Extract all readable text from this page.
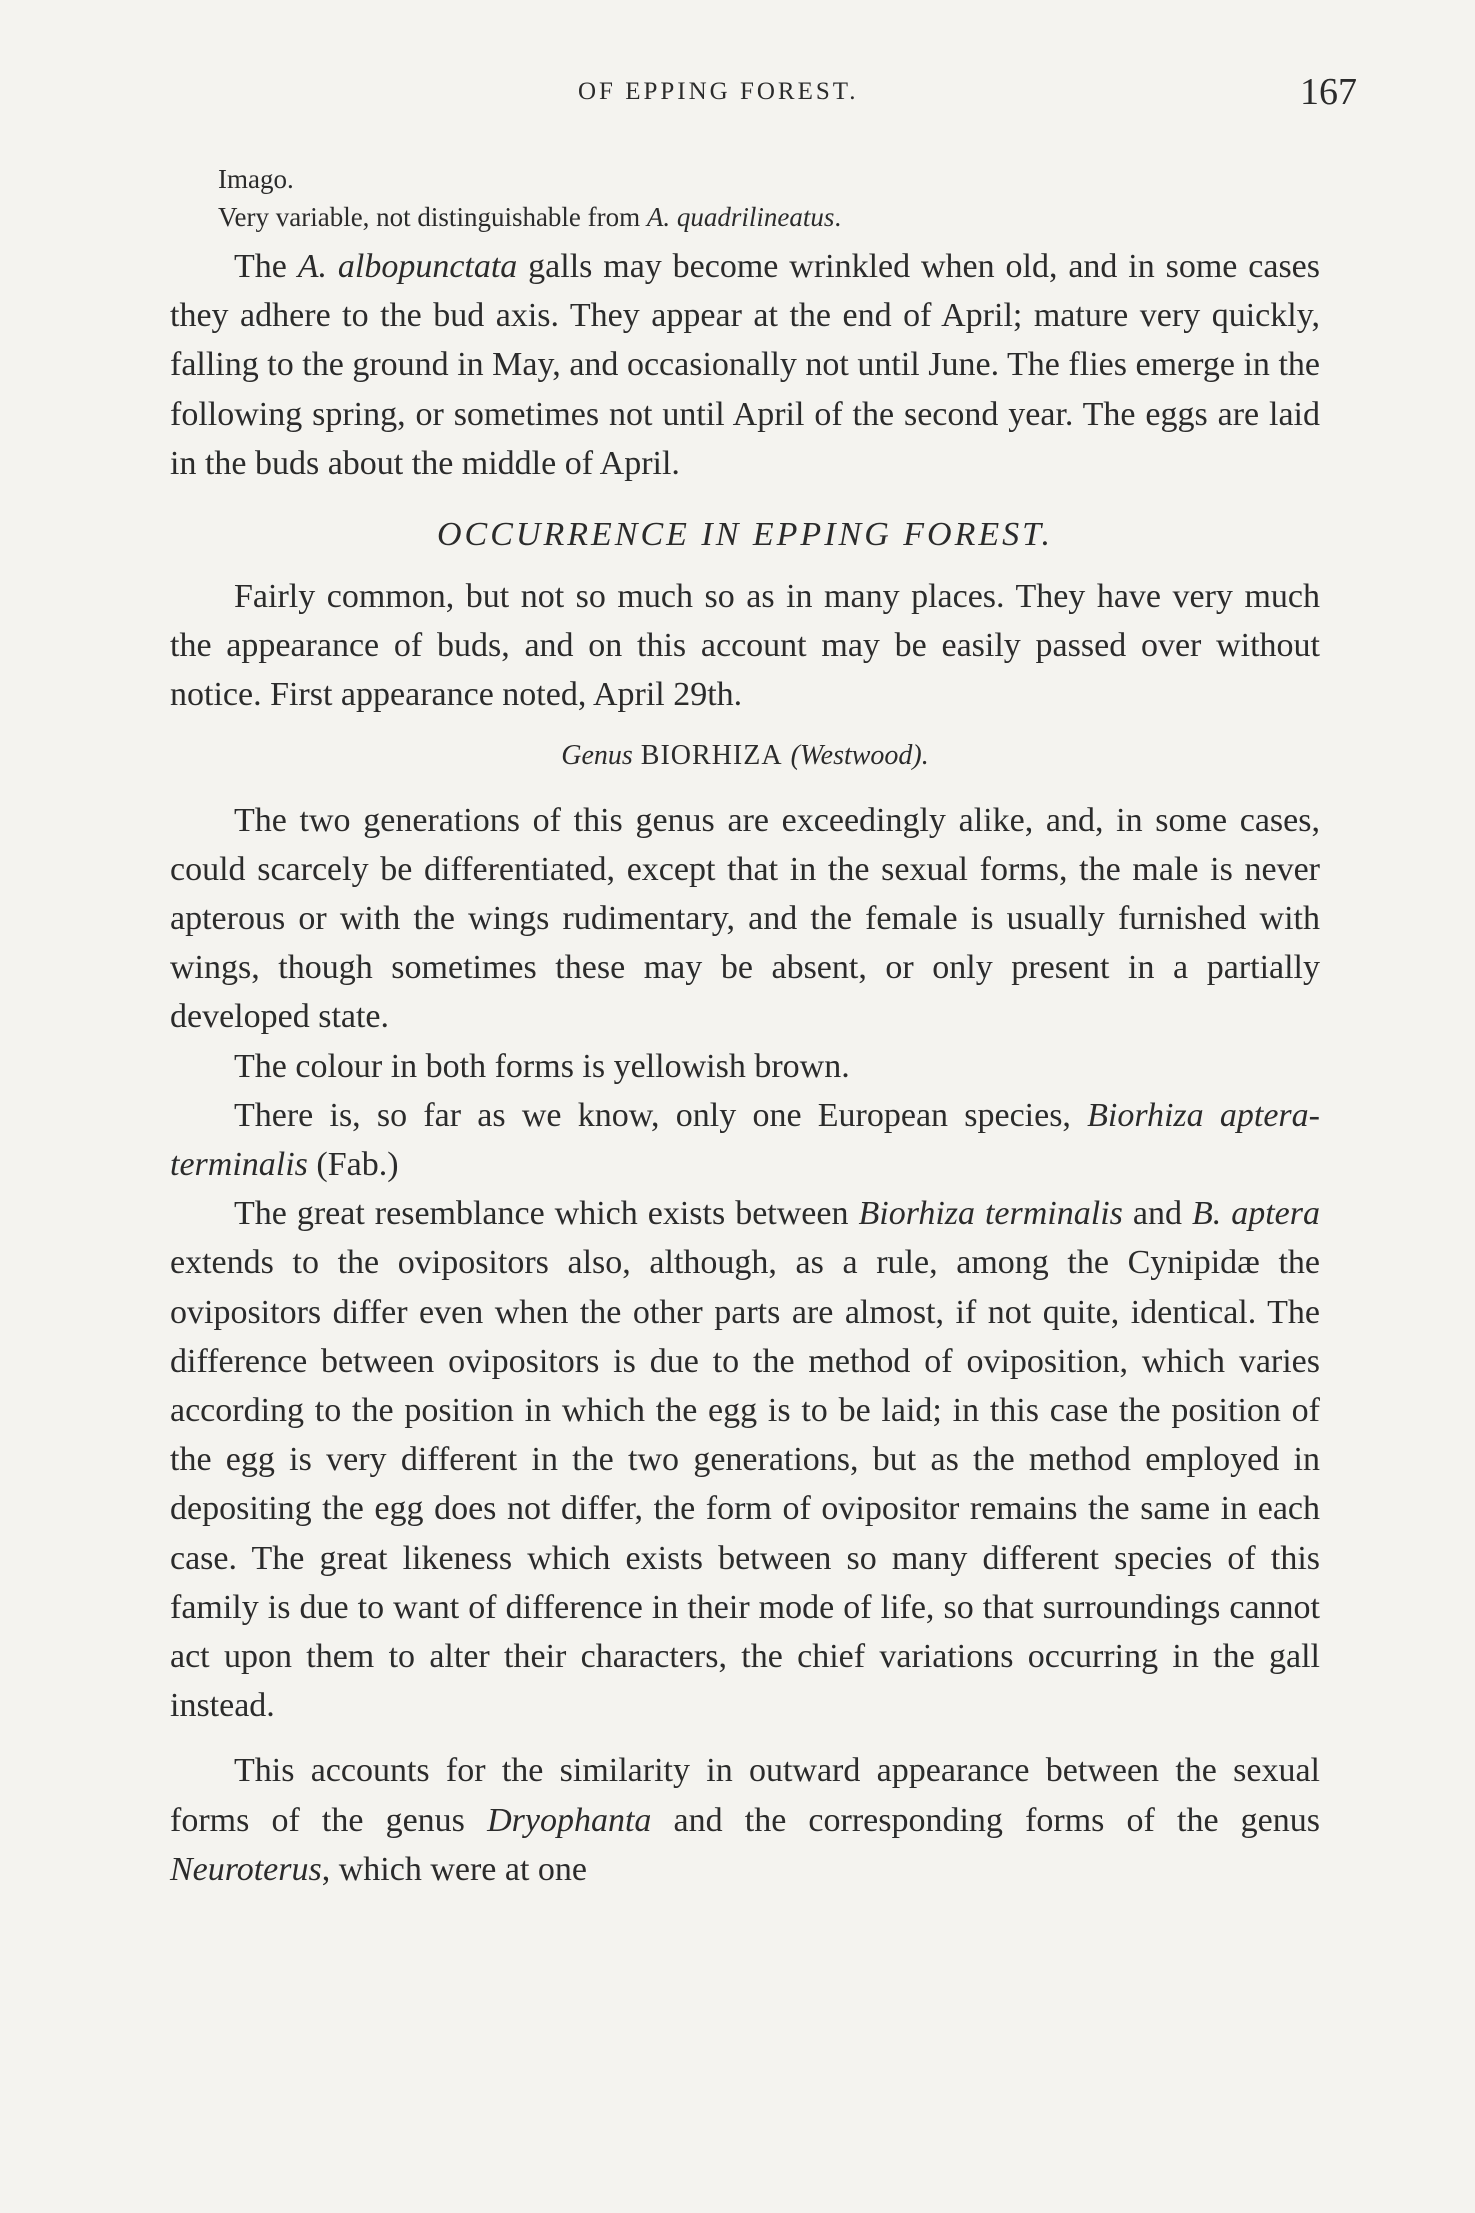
OF EPPING FOREST.	167

Imago.

Very variable, not distinguishable from A. quadrilineatus.

The A. albopunctata galls may become wrinkled when old, and in some cases they adhere to the bud axis. They appear at the end of April; mature very quickly, falling to the ground in May, and occasionally not until June. The flies emerge in the following spring, or sometimes not until April of the second year. The eggs are laid in the buds about the middle of April.

OCCURRENCE IN EPPING FOREST.

Fairly common, but not so much so as in many places. They have very much the appearance of buds, and on this account may be easily passed over without notice. First appearance noted, April 29th.

Genus BIORHIZA (Westwood).

The two generations of this genus are exceedingly alike, and, in some cases, could scarcely be differentiated, except that in the sexual forms, the male is never apterous or with the wings rudimentary, and the female is usually furnished with wings, though sometimes these may be absent, or only present in a partially developed state.

The colour in both forms is yellowish brown.

There is, so far as we know, only one European species, Biorhiza aptera-terminalis (Fab.)

The great resemblance which exists between Biorhiza terminalis and B. aptera extends to the ovipositors also, although, as a rule, among the Cynipidæ the ovipositors differ even when the other parts are almost, if not quite, identical. The difference between ovipositors is due to the method of oviposition, which varies according to the position in which the egg is to be laid; in this case the position of the egg is very different in the two generations, but as the method employed in depositing the egg does not differ, the form of ovipositor remains the same in each case. The great likeness which exists between so many different species of this family is due to want of difference in their mode of life, so that surroundings cannot act upon them to alter their characters, the chief variations occurring in the gall instead.

This accounts for the similarity in outward appearance between the sexual forms of the genus Dryophanta and the corresponding forms of the genus Neuroterus, which were at one
